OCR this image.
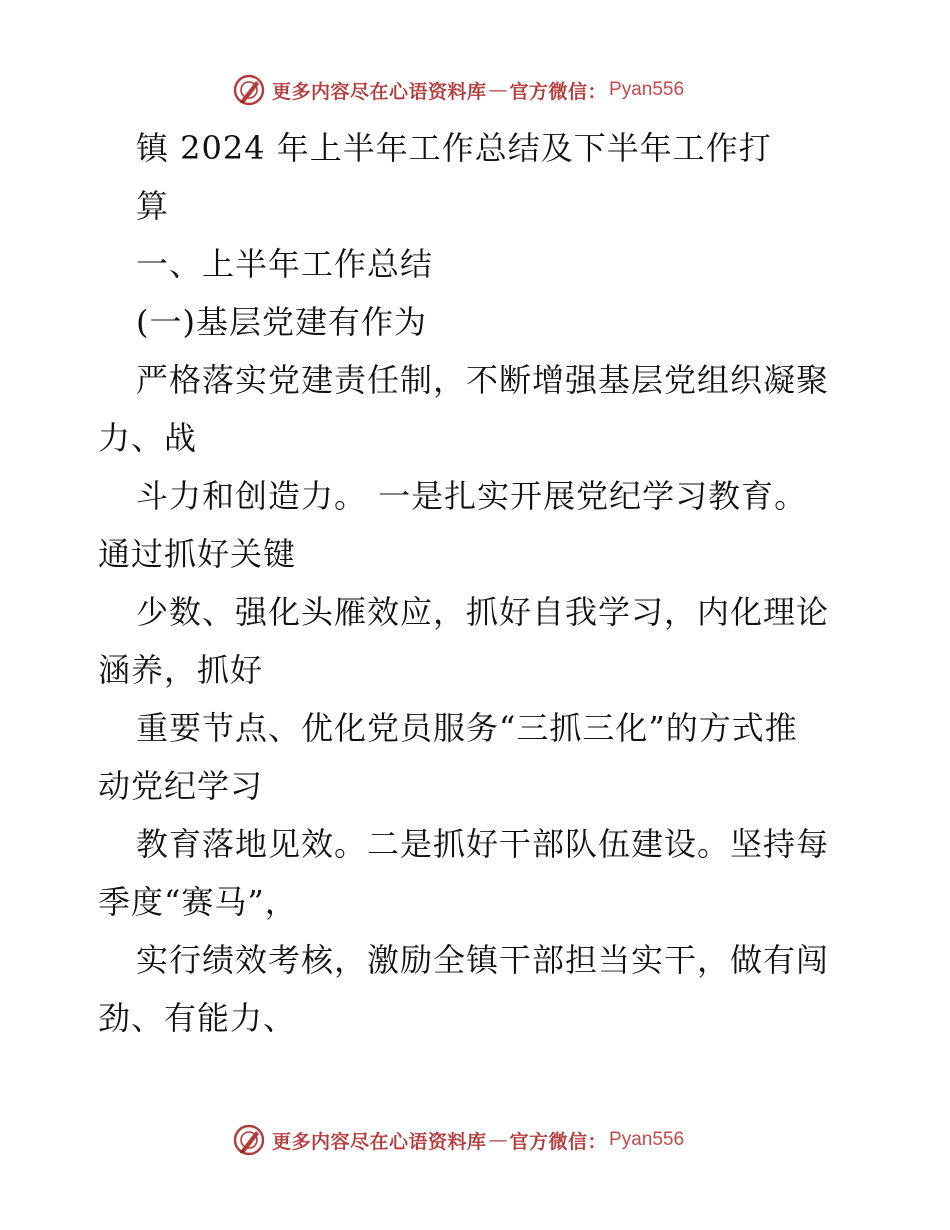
更多内容尽在心语资料库 — 官方微信： Pyan556
镇 2024 年上半年工作总结及下半年工作打
算
一、上半年工作总结
(一)基层党建有作为
严格落实党建责任制，不断增强基层党组织凝聚
力、战
斗力和创造力。 一是扎实开展党纪学习教育。
通过抓好关键
少数、强化头雁效应，抓好自我学习，内化理论
涵养，抓好
重要节点、优化党员服务“三抓三化”的方式推
动党纪学习
教育落地见效。二是抓好干部队伍建设。坚持每
季度“赛马”，
实行绩效考核，激励全镇干部担当实干，做有闯
劲、有能力、
更多内容尽在心语资料库 — 官方微信： Pyan556
